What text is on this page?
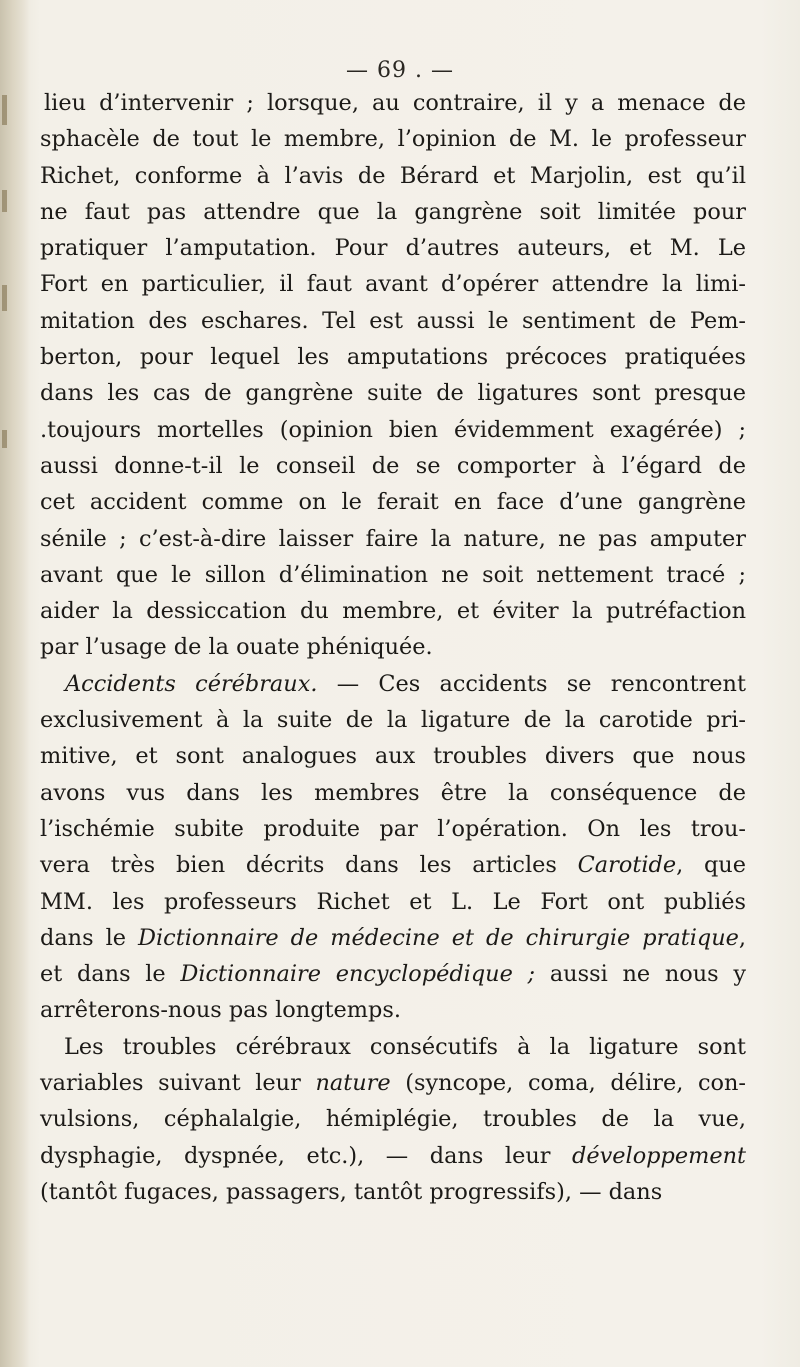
— 69 . —
lieu d’intervenir ; lorsque, au contraire, il y a menace de
sphacèle de tout le membre, l’opinion de M. le professeur
Richet, conforme à l’avis de Bérard et Marjolin, est qu’il
ne faut pas attendre que la gangrène soit limitée pour
pratiquer l’amputation. Pour d’autres auteurs, et M. Le
Fort en particulier, il faut avant d’opérer attendre la limi-
mitation des eschares. Tel est aussi le sentiment de Pem-
berton, pour lequel les amputations précoces pratiquées
dans les cas de gangrène suite de ligatures sont presque
.toujours mortelles (opinion bien évidemment exagérée) ;
aussi donne-t-il le conseil de se comporter à l’égard de
cet accident comme on le ferait en face d’une gangrène
sénile ; c’est-à-dire laisser faire la nature, ne pas amputer
avant que le sillon d’élimination ne soit nettement tracé ;
aider la dessiccation du membre, et éviter la putréfaction
par l’usage de la ouate phéniquée.
Accidents cérébraux. — Ces accidents se rencontrent
exclusivement à la suite de la ligature de la carotide pri-
mitive, et sont analogues aux troubles divers que nous
avons vus dans les membres être la conséquence de
l’ischémie subite produite par l’opération. On les trou-
vera très bien décrits dans les articles Carotide, que
MM. les professeurs Richet et L. Le Fort ont publiés
dans le Dictionnaire de médecine et de chirurgie pratique,
et dans le Dictionnaire encyclopédique ; aussi ne nous y
arrêterons-nous pas longtemps.
Les troubles cérébraux consécutifs à la ligature sont
variables suivant leur nature (syncope, coma, délire, con-
vulsions, céphalalgie, hémiplégie, troubles de la vue,
dysphagie, dyspnée, etc.), — dans leur développement
(tantôt fugaces, passagers, tantôt progressifs), — dans
